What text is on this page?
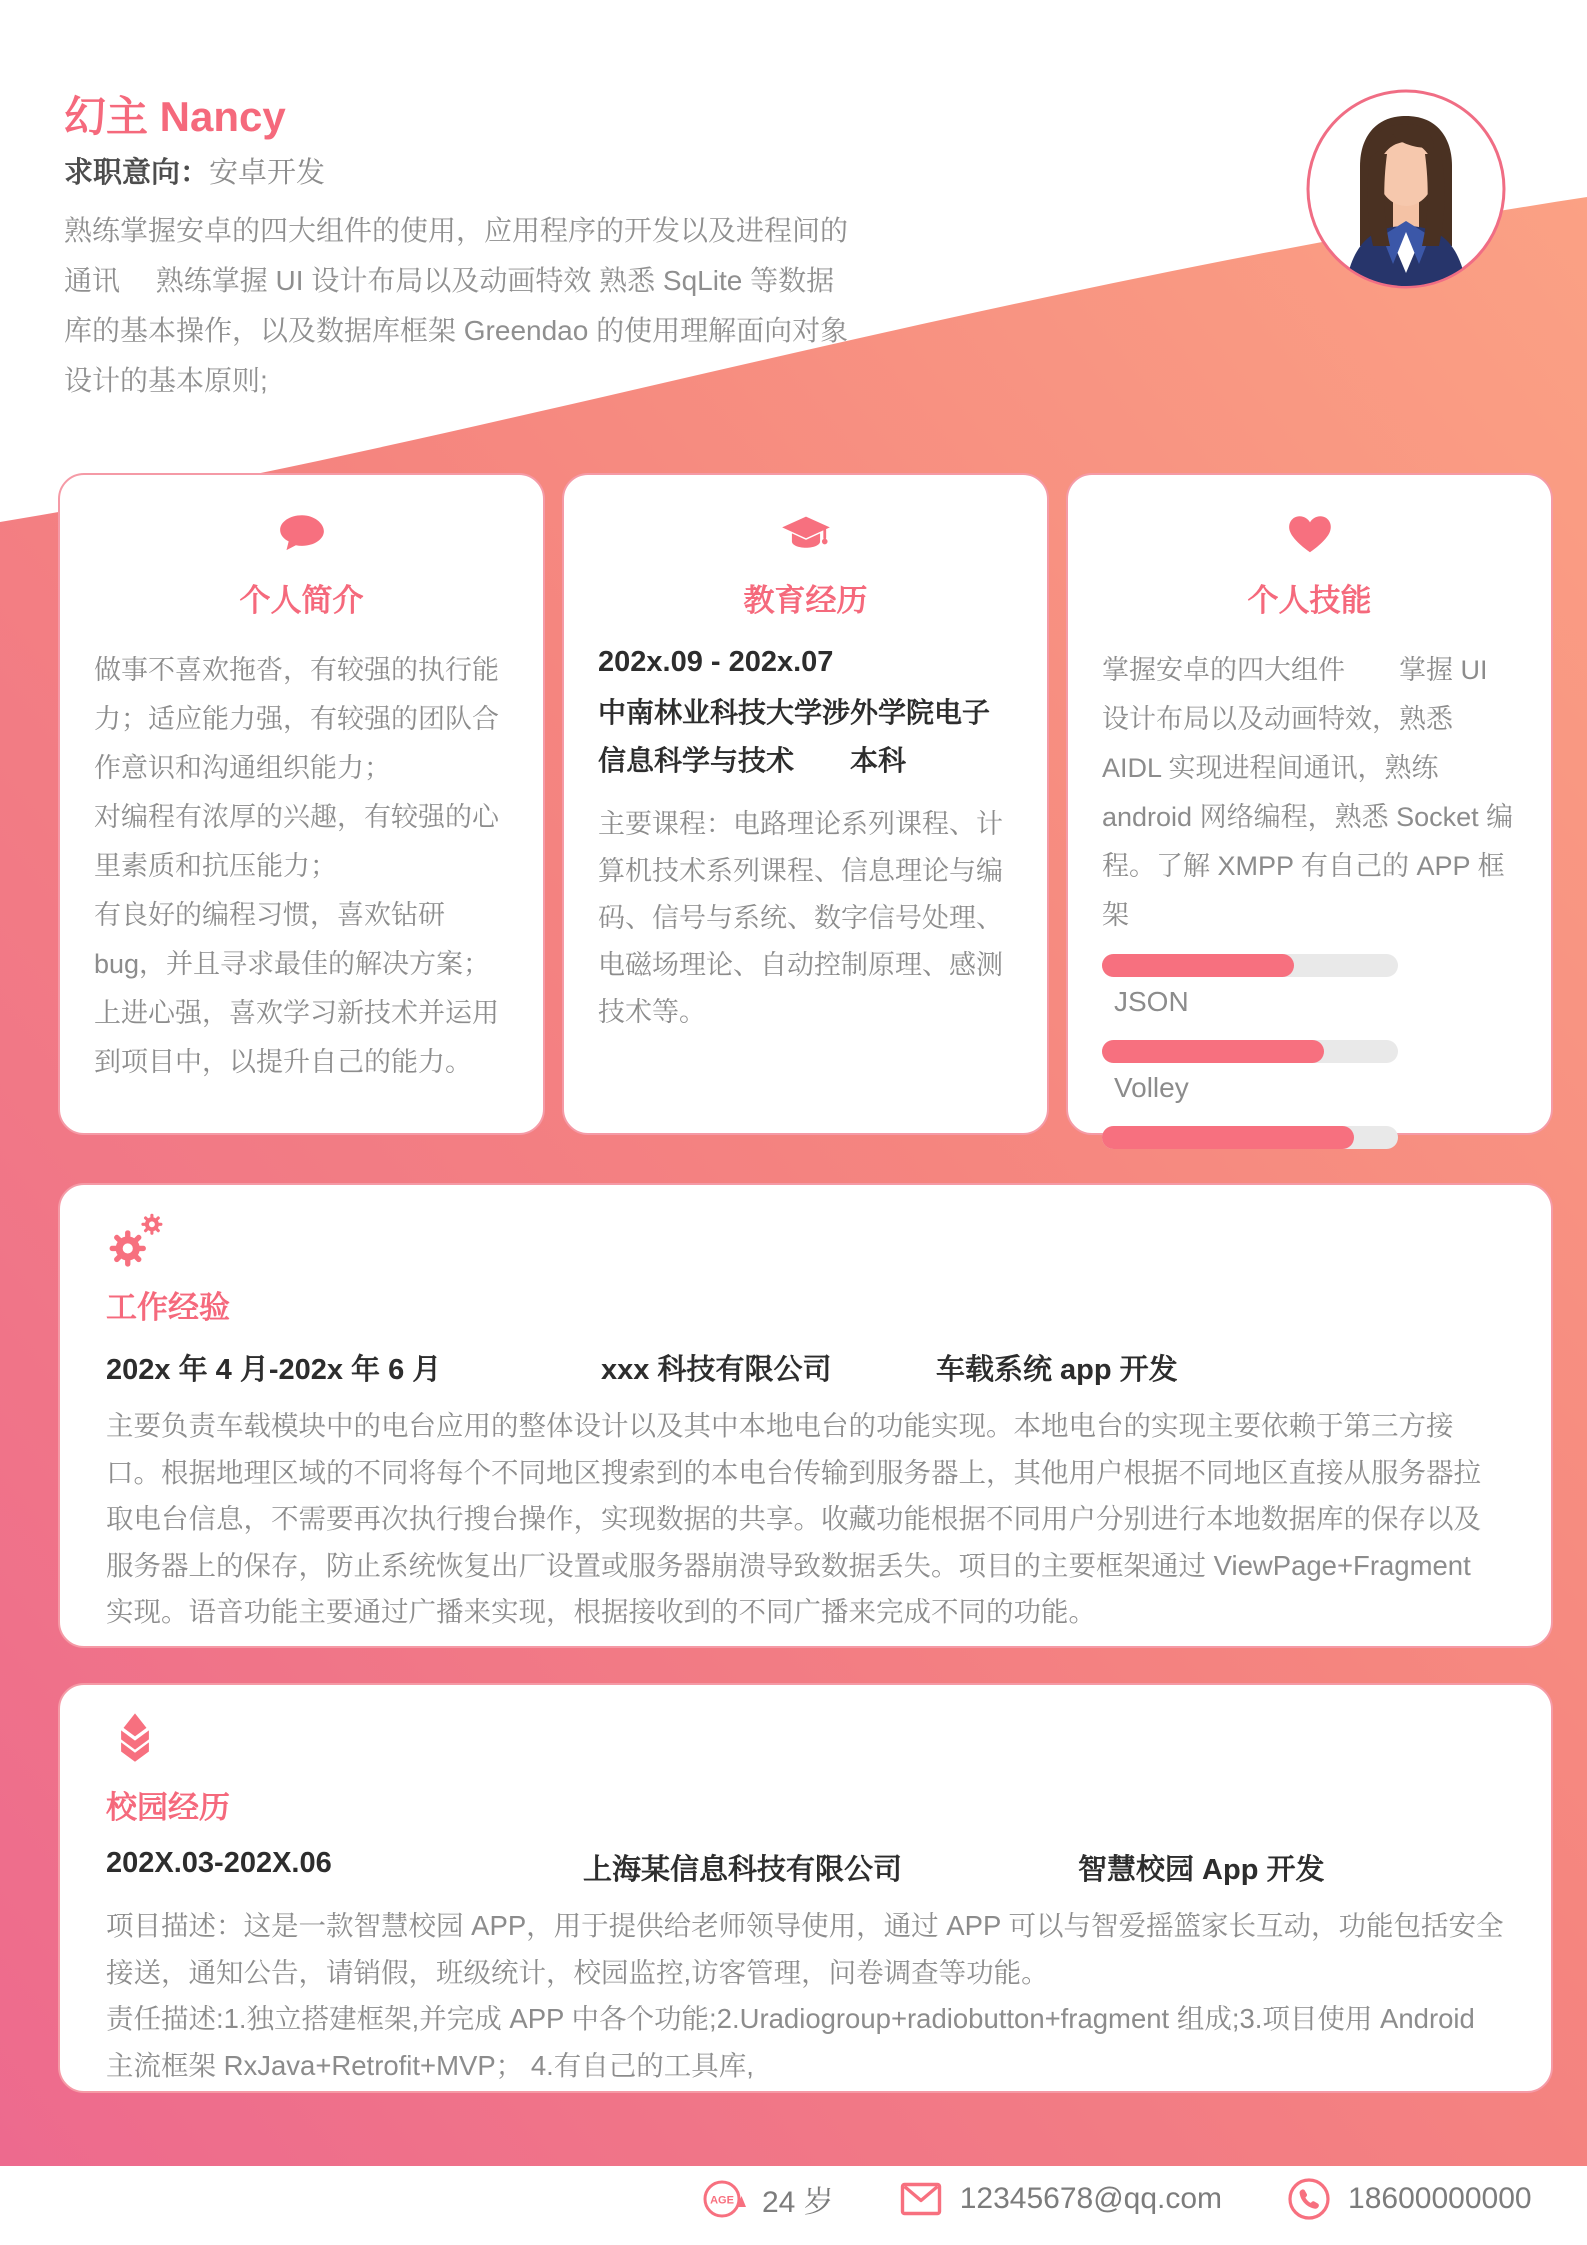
幻主 Nancy
求职意向：安卓开发
熟练掌握安卓的四大组件的使用，应用程序的开发以及进程间的通讯　 熟练掌握 UI 设计布局以及动画特效 熟悉 SqLite 等数据库的基本操作，以及数据库框架 Greendao 的使用理解面向对象设计的基本原则;
个人简介
做事不喜欢拖沓，有较强的执行能力；适应能力强，有较强的团队合作意识和沟通组织能力；
对编程有浓厚的兴趣，有较强的心里素质和抗压能力；
有良好的编程习惯，喜欢钻研 bug，并且寻求最佳的解决方案；
上进心强，喜欢学习新技术并运用到项目中，以提升自己的能力。
教育经历
202x.09 - 202x.07
中南林业科技大学涉外学院电子信息科学与技术 本科
主要课程：电路理论系列课程、计算机技术系列课程、信息理论与编码、信号与系统、数字信号处理、电磁场理论、自动控制原理、感测技术等。
个人技能
掌握安卓的四大组件　　掌握 UI 设计布局以及动画特效，熟悉 AIDL 实现进程间通讯，熟练 android 网络编程，熟悉 Socket 编程。了解 XMPP 有自己的 APP 框架
JSON
Volley
工作经验
202x 年 4 月-202x 年 6 月	xxx 科技有限公司	车载系统 app 开发
主要负责车载模块中的电台应用的整体设计以及其中本地电台的功能实现。本地电台的实现主要依赖于第三方接口。根据地理区域的不同将每个不同地区搜索到的本电台传输到服务器上，其他用户根据不同地区直接从服务器拉取电台信息，不需要再次执行搜台操作，实现数据的共享。收藏功能根据不同用户分别进行本地数据库的保存以及服务器上的保存，防止系统恢复出厂设置或服务器崩溃导致数据丢失。项目的主要框架通过 ViewPage+Fragment 实现。语音功能主要通过广播来实现，根据接收到的不同广播来完成不同的功能。
校园经历
202X.03-202X.06	上海某信息科技有限公司	智慧校园 App 开发
项目描述：这是一款智慧校园 APP，用于提供给老师领导使用，通过 APP 可以与智爱摇篮家长互动，功能包括安全接送，通知公告，请销假，班级统计，校园监控,访客管理，问卷调查等功能。
责任描述:1.独立搭建框架,并完成 APP 中各个功能;2.Uradiogroup+radiobutton+fragment 组成;3.项目使用 Android 主流框架 RxJava+Retrofit+MVP； 4.有自己的工具库,
AGE 24 岁	12345678@qq.com	18600000000
